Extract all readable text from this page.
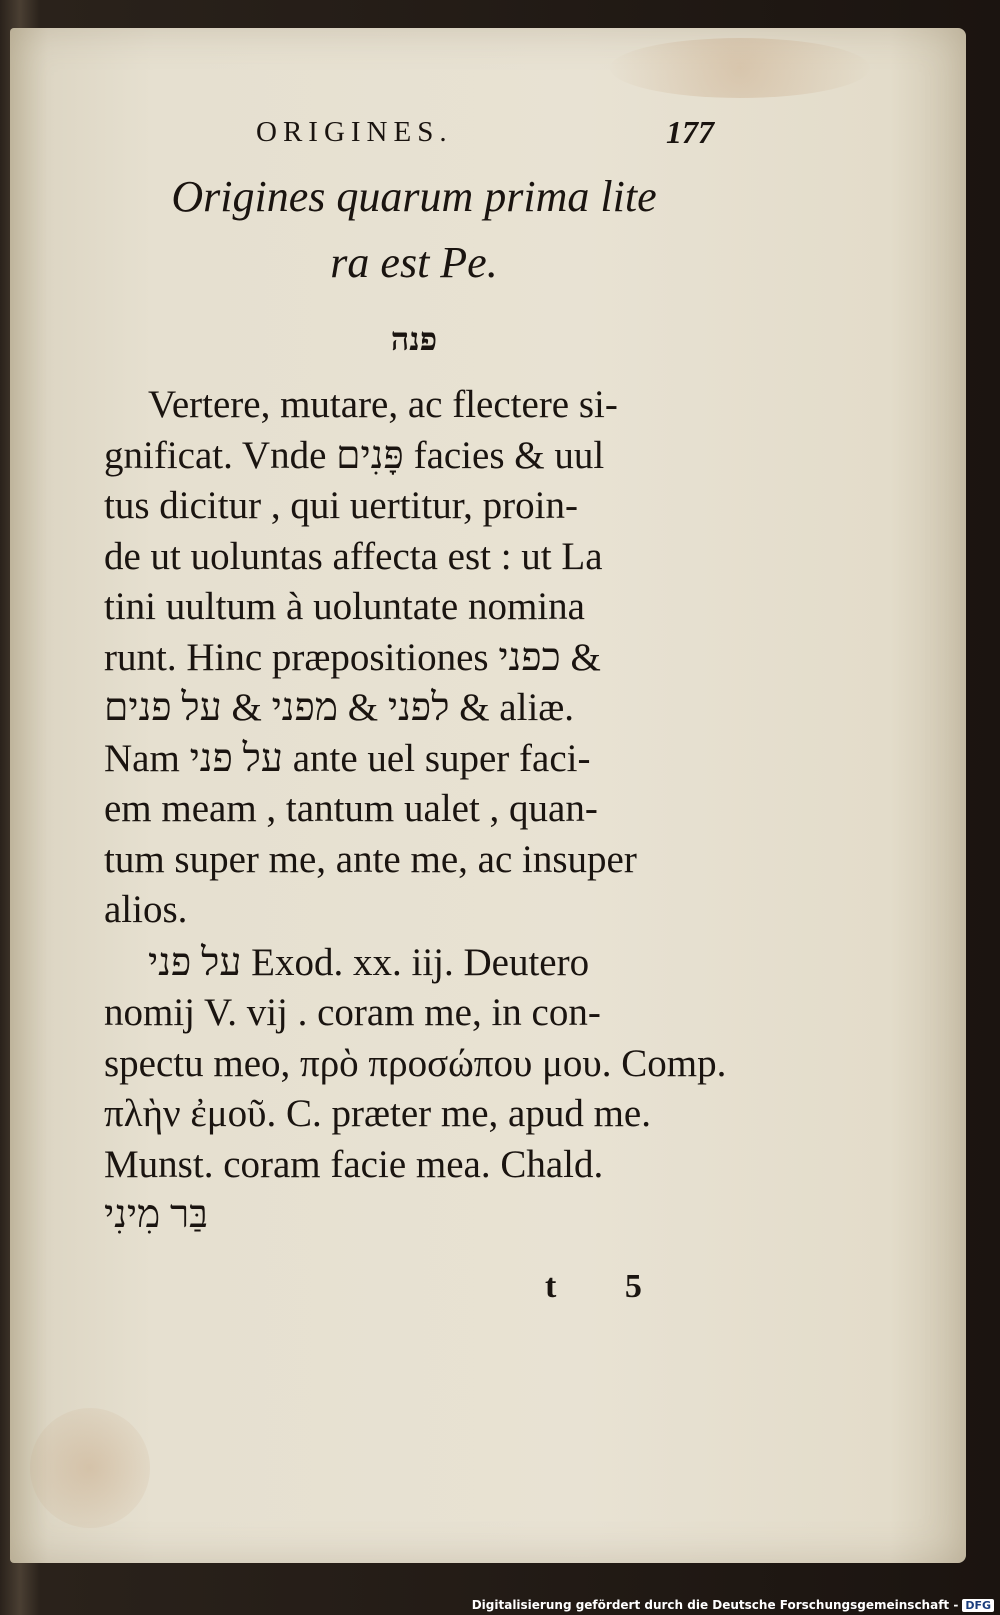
ORIGINES.	177
Origines quarum prima lite
ra est Pe.
פנה
Vertere, mutare, ac flectere si-
gnificat. Vnde פָּנִים facies & uul
tus dicitur , qui uertitur, proin-
de ut uoluntas affecta est : ut La
tini uultum à uoluntate nomina
runt. Hinc præpositiones כפני &
לפני & מפני & על פנים & aliæ.
Nam על פני ante uel super faci-
em meam , tantum ualet , quan-
tum super me, ante me, ac insuper
alios.
על פני Exod. xx. iij. Deutero
nomij V. vij . coram me, in con-
spectu meo, πρὸ προσώπου μου. Comp.
πλὴν ἐμοῦ. C. præter me, apud me.
Munst. coram facie mea. Chald.
בַּר מִינִי
t 5
Digitalisierung gefördert durch die Deutsche Forschungsgemeinschaft - DFG
